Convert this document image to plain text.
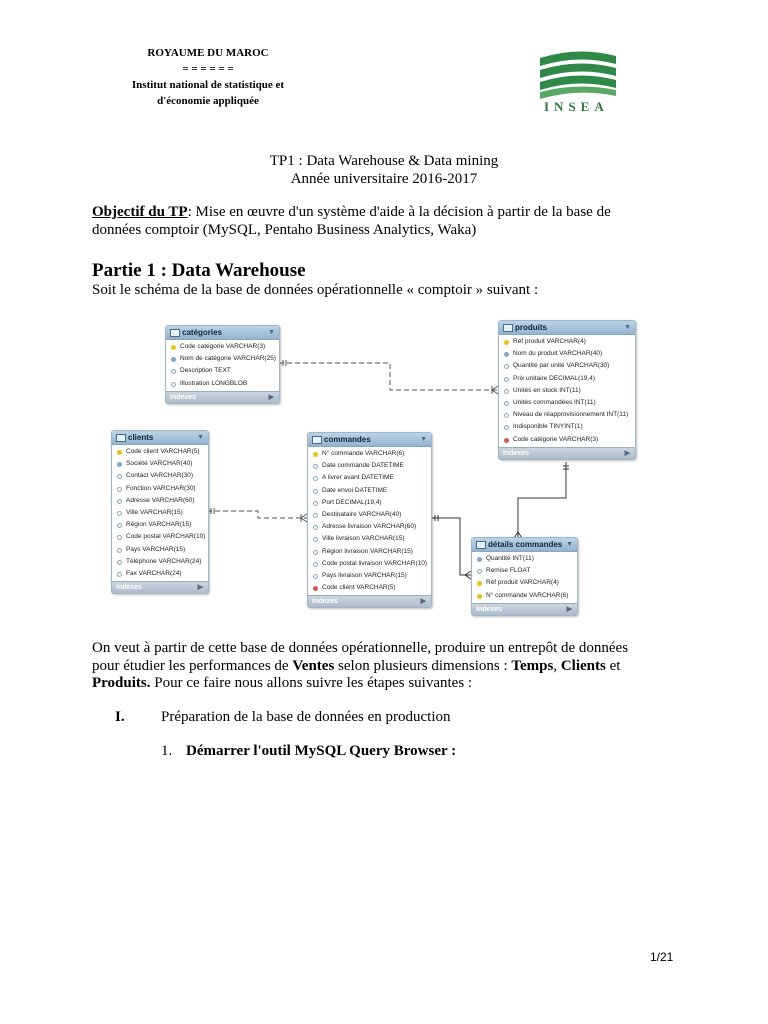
ROYAUME DU MAROC
= = = = = =
Institut national de statistique et
d'économie appliquée	INSEA
TP1 : Data Warehouse & Data mining
Année universitaire 2016-2017
Objectif du TP: Mise en œuvre d'un système d'aide à la décision à partir de la base de données comptoir (MySQL, Pentaho Business Analytics, Waka)
Partie 1 : Data Warehouse
Soit le schéma de la base de données opérationnelle « comptoir » suivant :
catégories	▼
Code catégorie VARCHAR(3)
Nom de catégorie VARCHAR(25)
Description TEXT
Illustration LONGBLOB
Indexes	▶
produits	▼
Réf produit VARCHAR(4)
Nom du produit VARCHAR(40)
Quantité par unité VARCHAR(30)
Prix unitaire DECIMAL(19,4)
Unités en stock INT(11)
Unités commandées INT(11)
Niveau de réapprovisionnement INT(11)
Indisponible TINYINT(1)
Code catégorie VARCHAR(3)
Indexes	▶
clients	▼
Code client VARCHAR(5)
Société VARCHAR(40)
Contact VARCHAR(30)
Fonction VARCHAR(30)
Adresse VARCHAR(60)
Ville VARCHAR(15)
Région VARCHAR(15)
Code postal VARCHAR(10)
Pays VARCHAR(15)
Téléphone VARCHAR(24)
Fax VARCHAR(24)
Indexes	▶
commandes	▼
N° commande VARCHAR(6)
Date commande DATETIME
A livrer avant DATETIME
Date envoi DATETIME
Port DECIMAL(19,4)
Destinataire VARCHAR(40)
Adresse livraison VARCHAR(60)
Ville livraison VARCHAR(15)
Région livraison VARCHAR(15)
Code postal livraison VARCHAR(10)
Pays livraison VARCHAR(15)
Code client VARCHAR(5)
Indexes	▶
détails commandes ▼
Quantité INT(11)
Remise FLOAT
Réf produit VARCHAR(4)
N° commande VARCHAR(6)
Indexes	▶
On veut à partir de cette base de données opérationnelle, produire un entrepôt de données
pour étudier les performances de Ventes selon plusieurs dimensions : Temps, Clients et
Produits. Pour ce faire nous allons suivre les étapes suivantes :
I. Préparation de la base de données en production
1. Démarrer l'outil MySQL Query Browser :
1/21
